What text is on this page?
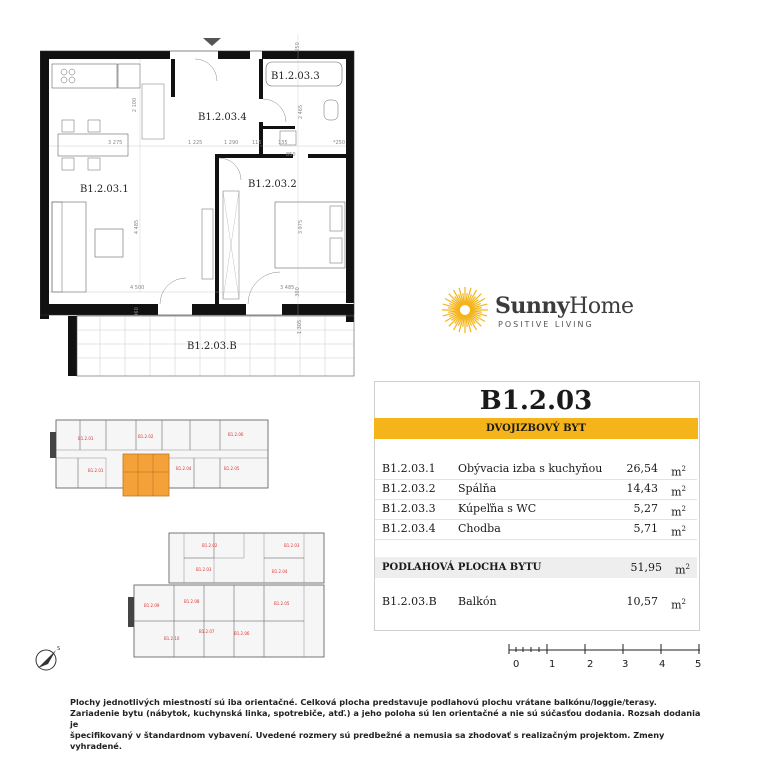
B1.2.03.1	B1.2.03.2
B1.2.03.3
B1.2.03.4
B1.2.03.B
3 275	1 225	1 290	115
2 465
*250
4 485	3 975
4 500	3 485
2 100
250
960
1 305
135
300
850
SunnyHome
POSITIVE LIVING
B1.2.01	B1.2.02	B1.2.06
B1.2.01	B1.2.04	B1.2.05
B1.2.02	B1.2.03
B1.2.03	B1.2.04
B1.2.09
B1.2.08	B1.2.05
B1.2.10
B1.2.07	B1.2.06
S
B1.2.03
DVOJIZBOVÝ BYT
B1.2.03.1 Obývacia izba s kuchyňou 26,54 $m^2$
B1.2.03.2 Spálňa	14,43 $m^2$
B1.2.03.3 Kúpeľňa s WC	5,27 $m^2$
B1.2.03.4 Chodba	5,71 $m^2$
PODLAHOVÁ PLOCHA BYTU	51,95 $m^2$
B1.2.03.B Balkón	10,57 $m^2$
0	1	2	3	4	5
Plochy jednotlivých miestností sú iba orientačné. Celková plocha predstavuje podlahovú plochu vrátane balkónu/loggie/terasy.
Zariadenie bytu (nábytok, kuchynská linka, spotrebiče, atď.) a jeho poloha sú len orientačné a nie sú súčasťou dodania. Rozsah dodania je
špecifikovaný v štandardnom vybavení. Uvedené rozmery sú predbežné a nemusia sa zhodovať s realizačným projektom. Zmeny vyhradené.
